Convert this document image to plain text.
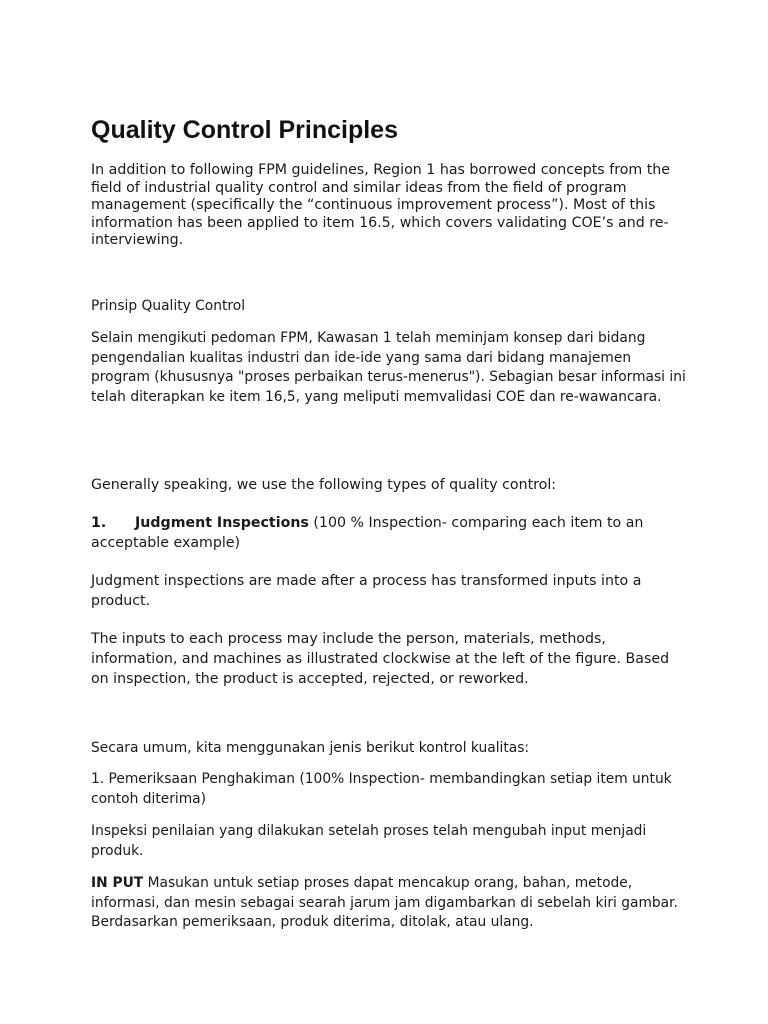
Quality Control Principles

In addition to following FPM guidelines, Region 1 has borrowed concepts from the field of industrial quality control and similar ideas from the field of program management (specifically the “continuous improvement process”). Most of this information has been applied to item 16.5, which covers validating COE’s and re-interviewing.

Prinsip Quality Control

Selain mengikuti pedoman FPM, Kawasan 1 telah meminjam konsep dari bidang pengendalian kualitas industri dan ide-ide yang sama dari bidang manajemen program (khususnya "proses perbaikan terus-menerus"). Sebagian besar informasi ini telah diterapkan ke item 16,5, yang meliputi memvalidasi COE dan re-wawancara.

Generally speaking, we use the following types of quality control:

1. Judgment Inspections (100 % Inspection- comparing each item to an acceptable example)

Judgment inspections are made after a process has transformed inputs into a product.

The inputs to each process may include the person, materials, methods, information, and machines as illustrated clockwise at the left of the figure. Based on inspection, the product is accepted, rejected, or reworked.

Secara umum, kita menggunakan jenis berikut kontrol kualitas:

1. Pemeriksaan Penghakiman (100% Inspection- membandingkan setiap item untuk contoh diterima)

Inspeksi penilaian yang dilakukan setelah proses telah mengubah input menjadi produk.

IN PUT Masukan untuk setiap proses dapat mencakup orang, bahan, metode, informasi, dan mesin sebagai searah jarum jam digambarkan di sebelah kiri gambar. Berdasarkan pemeriksaan, produk diterima, ditolak, atau ulang.
